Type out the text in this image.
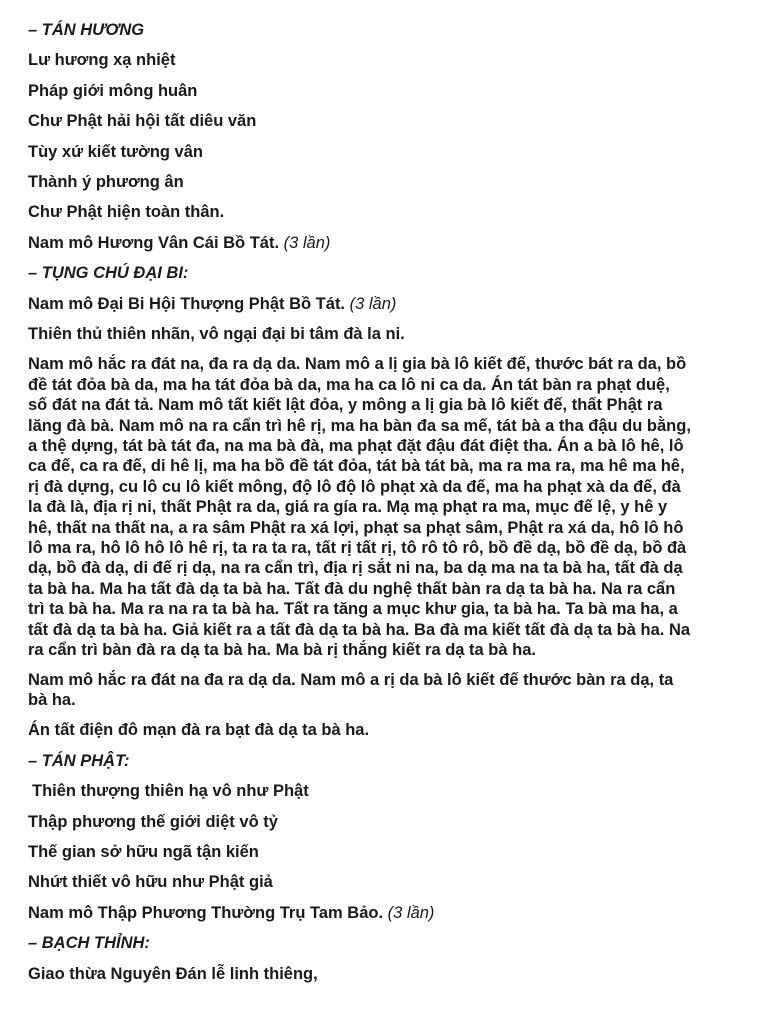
– TÁN HƯƠNG
Lư hương xạ nhiệt
Pháp giới mông huân
Chư Phật hải hội tất diêu văn
Tùy xứ kiết tường vân
Thành ý phương ân
Chư Phật hiện toàn thân.
Nam mô Hương Vân Cái Bồ Tát. (3 lần)
– TỤNG CHÚ ĐẠI BI:
Nam mô Đại Bi Hội Thượng Phật Bồ Tát. (3 lần)
Thiên thủ thiên nhãn, vô ngại đại bi tâm đà la ni.
Nam mô hắc ra đát na, đa ra dạ da. Nam mô a lị gia bà lô kiết đế, thước bát ra da, bồ
đề tát đỏa bà da, ma ha tát đỏa bà da, ma ha ca lô ni ca da. Án tát bàn ra phạt duệ,
số đát na đát tả. Nam mô tất kiết lật đỏa, y mông a lị gia bà lô kiết đế, thất Phật ra
lăng đà bà. Nam mô na ra cẩn trì hê rị, ma ha bàn đa sa mế, tát bà a tha đậu du bằng,
a thệ dựng, tát bà tát đa, na ma bà đà, ma phạt đặt đậu đát điệt tha. Án a bà lô hê, lô
ca đế, ca ra đế, di hê lị, ma ha bồ đề tát đỏa, tát bà tát bà, ma ra ma ra, ma hê ma hê,
rị đà dựng, cu lô cu lô kiết mông, độ lô độ lô phạt xà da đế, ma ha phạt xà da đế, đà
la đà là, địa rị ni, thất Phật ra da, giá ra gía ra. Mạ mạ phạt ra ma, mục đế lệ, y hê y
hê, thất na thất na, a ra sâm Phật ra xá lợi, phạt sa phạt sâm, Phật ra xá da, hô lô hô
lô ma ra, hô lô hô lô hê rị, ta ra ta ra, tất rị tất rị, tô rô tô rô, bồ đề dạ, bồ đề dạ, bồ đà
dạ, bồ đà dạ, di đế rị dạ, na ra cẩn trì, địa rị sắt ni na, ba dạ ma na ta bà ha, tất đà dạ
ta bà ha. Ma ha tất đà dạ ta bà ha. Tất đà du nghệ thất bàn ra dạ ta bà ha. Na ra cẩn
trì ta bà ha. Ma ra na ra ta bà ha. Tất ra tăng a mục khư gia, ta bà ha. Ta bà ma ha, a
tất đà dạ ta bà ha. Giả kiết ra a tất đà dạ ta bà ha. Ba đà ma kiết tất đà dạ ta bà ha. Na
ra cẩn trì bàn đà ra dạ ta bà ha. Ma bà rị thắng kiết ra dạ ta bà ha.
Nam mô hắc ra đát na đa ra dạ da. Nam mô a rị da bà lô kiết đế thước bàn ra dạ, ta
bà ha.
Án tất điện đô mạn đà ra bạt đà dạ ta bà ha.
– TÁN PHẬT:
Thiên thượng thiên hạ vô như Phật
Thập phương thế giới diệt vô tỷ
Thế gian sở hữu ngã tận kiến
Nhứt thiết vô hữu như Phật giả
Nam mô Thập Phương Thường Trụ Tam Bảo. (3 lần)
– BẠCH THỈNH:
Giao thừa Nguyên Đán lễ linh thiêng,
